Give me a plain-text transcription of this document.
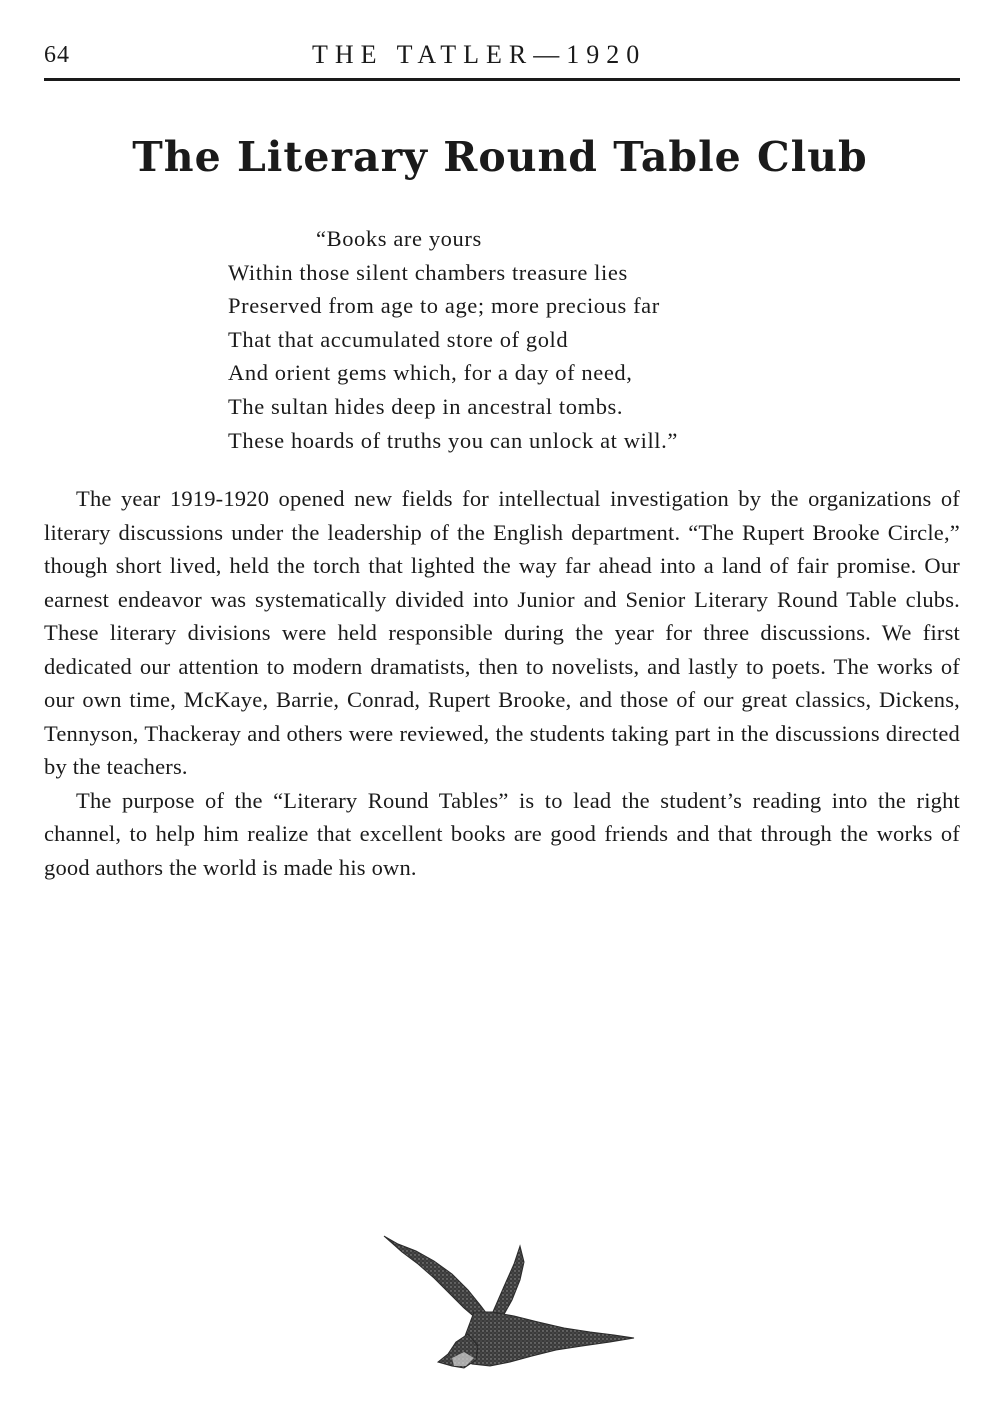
64	THE TATLER—1920
The Literary Round Table Club
“Books are yours
Within those silent chambers treasure lies
Preserved from age to age; more precious far
That that accumulated store of gold
And orient gems which, for a day of need,
The sultan hides deep in ancestral tombs.
These hoards of truths you can unlock at will.”

The year 1919-1920 opened new fields for intellectual investigation by the organizations of literary discussions under the leadership of the English department. “The Rupert Brooke Circle,” though short lived, held the torch that lighted the way far ahead into a land of fair promise. Our earnest endeavor was systematically divided into Junior and Senior Literary Round Table clubs. These literary divisions were held responsible during the year for three discussions. We first dedicated our attention to modern dramatists, then to novelists, and lastly to poets. The works of our own time, McKaye, Barrie, Conrad, Rupert Brooke, and those of our great classics, Dickens, Tennyson, Thackeray and others were reviewed, the students taking part in the discussions directed by the teachers.

The purpose of the “Literary Round Tables” is to lead the student’s reading into the right channel, to help him realize that excellent books are good friends and that through the works of good authors the world is made his own.
